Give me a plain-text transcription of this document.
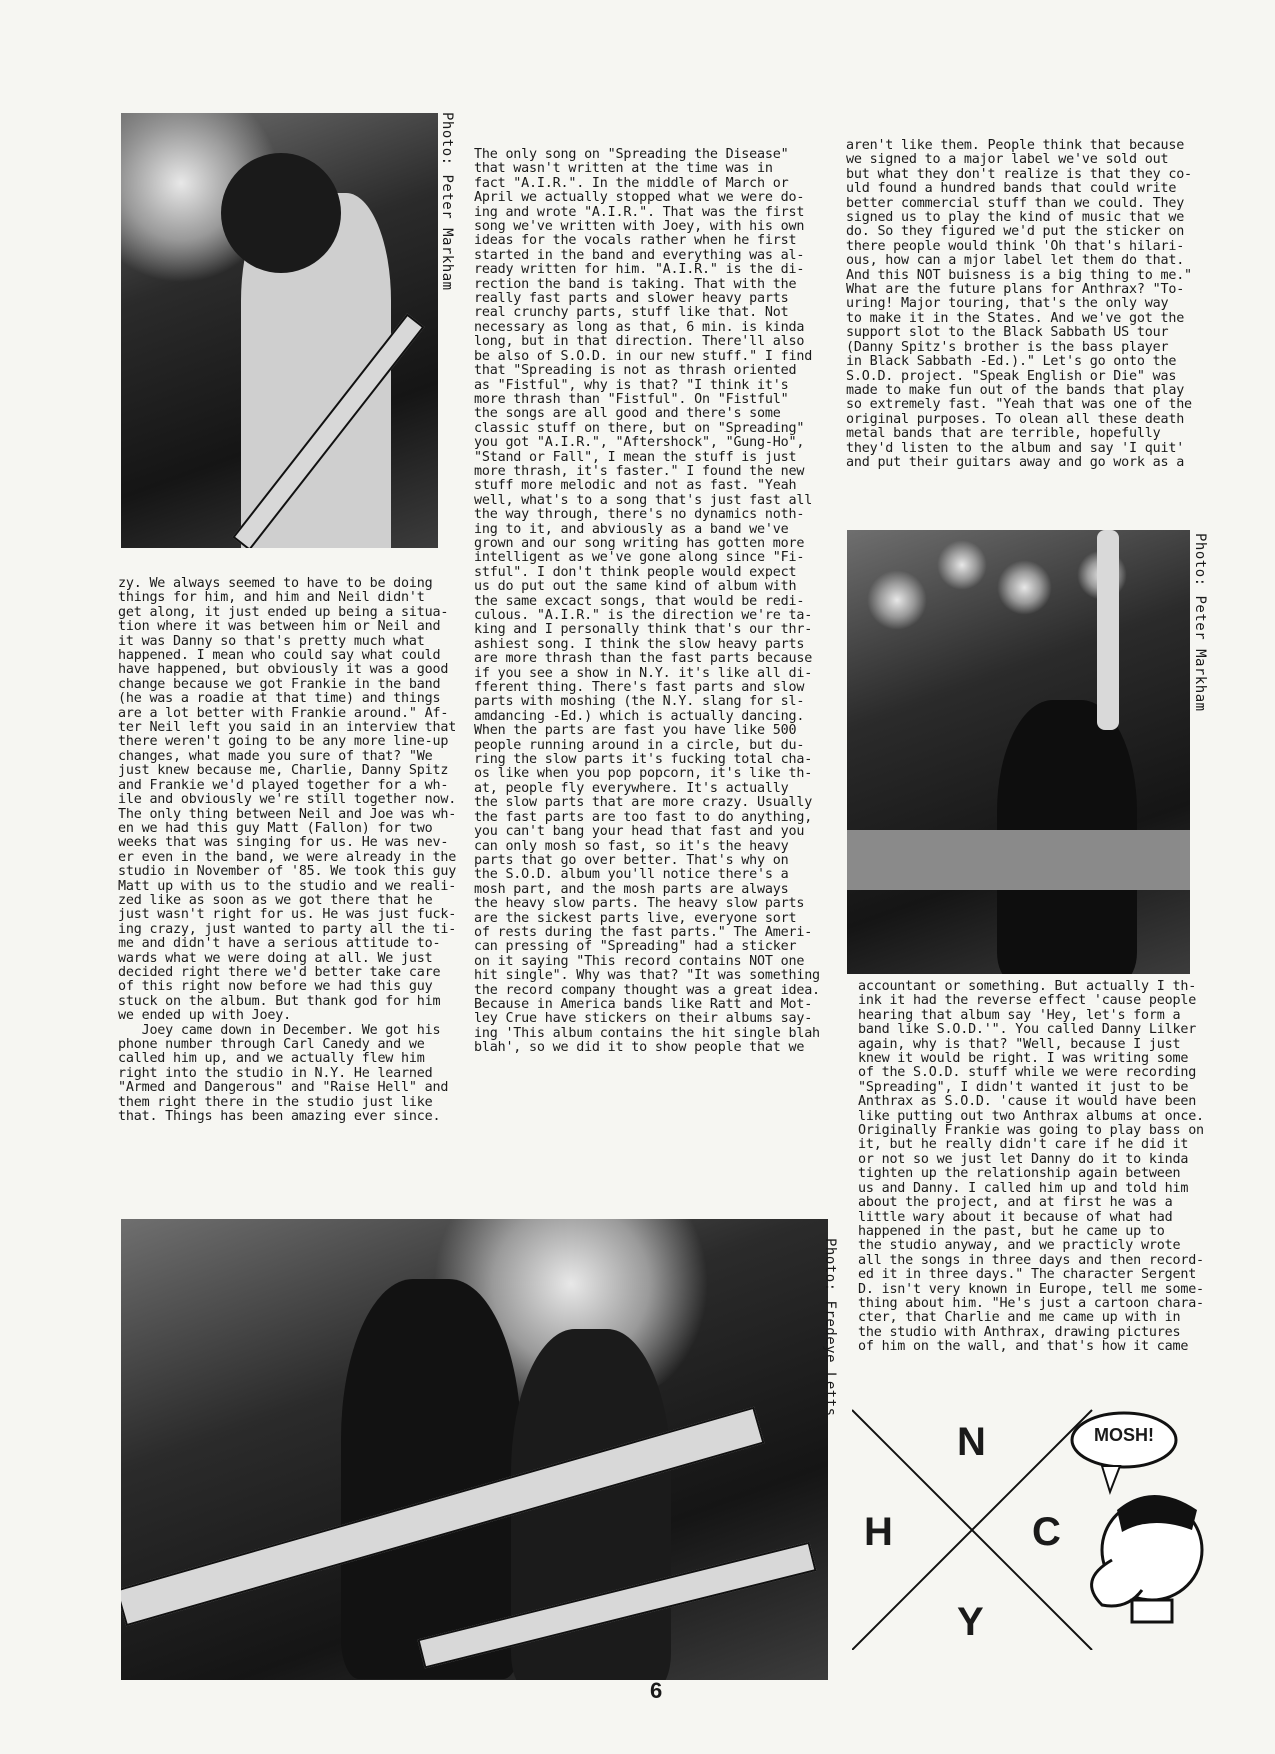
Photo: Peter Markham
zy. We always seemed to have to be doing
things for him, and him and Neil didn't
get along, it just ended up being a situa-
tion where it was between him or Neil and
it was Danny so that's pretty much what
happened. I mean who could say what could
have happened, but obviously it was a good
change because we got Frankie in the band
(he was a roadie at that time) and things
are a lot better with Frankie around." Af-
ter Neil left you said in an interview that
there weren't going to be any more line-up
changes, what made you sure of that? "We
just knew because me, Charlie, Danny Spitz
and Frankie we'd played together for a wh-
ile and obviously we're still together now.
The only thing between Neil and Joe was wh-
en we had this guy Matt (Fallon) for two
weeks that was singing for us. He was nev-
er even in the band, we were already in the
studio in November of '85. We took this guy
Matt up with us to the studio and we reali-
zed like as soon as we got there that he
just wasn't right for us. He was just fuck-
ing crazy, just wanted to party all the ti-
me and didn't have a serious attitude to-
wards what we were doing at all. We just
decided right there we'd better take care
of this right now before we had this guy
stuck on the album. But thank god for him
we ended up with Joey.
Joey came down in December. We got his
phone number through Carl Canedy and we
called him up, and we actually flew him
right into the studio in N.Y. He learned
"Armed and Dangerous" and "Raise Hell" and
them right there in the studio just like
that. Things has been amazing ever since.
The only song on "Spreading the Disease"
that wasn't written at the time was in
fact "A.I.R.". In the middle of March or
April we actually stopped what we were do-
ing and wrote "A.I.R.". That was the first
song we've written with Joey, with his own
ideas for the vocals rather when he first
started in the band and everything was al-
ready written for him. "A.I.R." is the di-
rection the band is taking. That with the
really fast parts and slower heavy parts
real crunchy parts, stuff like that. Not
necessary as long as that, 6 min. is kinda
long, but in that direction. There'll also
be also of S.O.D. in our new stuff." I find
that "Spreading is not as thrash oriented
as "Fistful", why is that? "I think it's
more thrash than "Fistful". On "Fistful"
the songs are all good and there's some
classic stuff on there, but on "Spreading"
you got "A.I.R.", "Aftershock", "Gung-Ho",
"Stand or Fall", I mean the stuff is just
more thrash, it's faster." I found the new
stuff more melodic and not as fast. "Yeah
well, what's to a song that's just fast all
the way through, there's no dynamics noth-
ing to it, and abviously as a band we've
grown and our song writing has gotten more
intelligent as we've gone along since "Fi-
stful". I don't think people would expect
us do put out the same kind of album with
the same excact songs, that would be redi-
culous. "A.I.R." is the direction we're ta-
king and I personally think that's our thr-
ashiest song. I think the slow heavy parts
are more thrash than the fast parts because
if you see a show in N.Y. it's like all di-
fferent thing. There's fast parts and slow
parts with moshing (the N.Y. slang for sl-
amdancing -Ed.) which is actually dancing.
When the parts are fast you have like 500
people running around in a circle, but du-
ring the slow parts it's fucking total cha-
os like when you pop popcorn, it's like th-
at, people fly everywhere. It's actually
the slow parts that are more crazy. Usually
the fast parts are too fast to do anything,
you can't bang your head that fast and you
can only mosh so fast, so it's the heavy
parts that go over better. That's why on
the S.O.D. album you'll notice there's a
mosh part, and the mosh parts are always
the heavy slow parts. The heavy slow parts
are the sickest parts live, everyone sort
of rests during the fast parts." The Ameri-
can pressing of "Spreading" had a sticker
on it saying "This record contains NOT one
hit single". Why was that? "It was something
the record company thought was a great idea.
Because in America bands like Ratt and Mot-
ley Crue have stickers on their albums say-
ing 'This album contains the hit single blah
blah', so we did it to show people that we
aren't like them. People think that because
we signed to a major label we've sold out
but what they don't realize is that they co-
uld found a hundred bands that could write
better commercial stuff than we could. They
signed us to play the kind of music that we
do. So they figured we'd put the sticker on
there people would think 'Oh that's hilari-
ous, how can a mjor label let them do that.
And this NOT buisness is a big thing to me."
What are the future plans for Anthrax? "To-
uring! Major touring, that's the only way
to make it in the States. And we've got the
support slot to the Black Sabbath US tour
(Danny Spitz's brother is the bass player
in Black Sabbath -Ed.)." Let's go onto the
S.O.D. project. "Speak English or Die" was
made to make fun out of the bands that play
so extremely fast. "Yeah that was one of the
original purposes. To olean all these death
metal bands that are terrible, hopefully
they'd listen to the album and say 'I quit'
and put their guitars away and go work as a
Photo: Peter Markham
accountant or something. But actually I th-
ink it had the reverse effect 'cause people
hearing that album say 'Hey, let's form a
band like S.O.D.'". You called Danny Lilker
again, why is that? "Well, because I just
knew it would be right. I was writing some
of the S.O.D. stuff while we were recording
"Spreading", I didn't wanted it just to be
Anthrax as S.O.D. 'cause it would have been
like putting out two Anthrax albums at once.
Originally Frankie was going to play bass on
it, but he really didn't care if he did it
or not so we just let Danny do it to kinda
tighten up the relationship again between
us and Danny. I called him up and told him
about the project, and at first he was a
little wary about it because of what had
happened in the past, but he came up to
the studio anyway, and we practicly wrote
all the songs in three days and then record-
ed it in three days." The character Sergent
D. isn't very known in Europe, tell me some-
thing about him. "He's just a cartoon chara-
cter, that Charlie and me came up with in
the studio with Anthrax, drawing pictures
of him on the wall, and that's how it came
Photo: Fredeye Letts
N
H	C
Y
MOSH!
6
